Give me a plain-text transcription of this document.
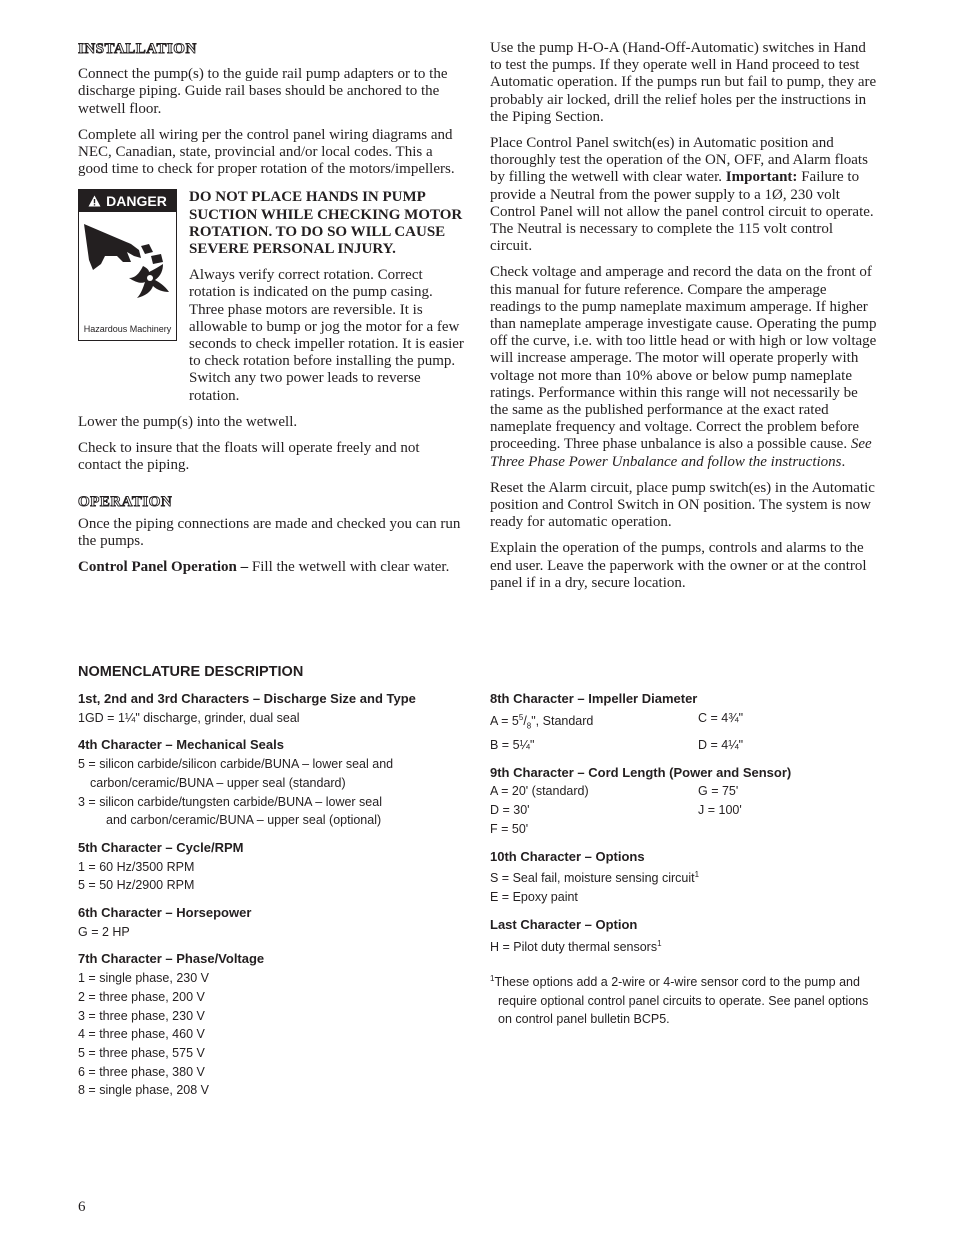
INSTALLATION

Connect the pump(s) to the guide rail pump adapters or to the discharge piping. Guide rail bases should be anchored to the wetwell floor.

Complete all wiring per the control panel wiring diagrams and NEC, Canadian, state, provincial and/or local codes. This a good time to check for proper rotation of the motors/impellers.

DANGER
Hazardous Machinery

DO NOT PLACE HANDS IN PUMP SUCTION WHILE CHECKING MOTOR ROTATION. TO DO SO WILL CAUSE SEVERE PERSONAL INJURY.

Always verify correct rotation. Correct rotation is indicated on the pump casing. Three phase motors are reversible. It is allowable to bump or jog the motor for a few seconds to check impeller rotation. It is easier to check rotation before installing the pump. Switch any two power leads to reverse rotation.

Lower the pump(s) into the wetwell.

Check to insure that the floats will operate freely and not contact the piping.

OPERATION

Once the piping connections are made and checked you can run the pumps.

Control Panel Operation – Fill the wetwell with clear water.

Use the pump H-O-A (Hand-Off-Automatic) switches in Hand to test the pumps. If they operate well in Hand proceed to test Automatic operation. If the pumps run but fail to pump, they are probably air locked, drill the relief holes per the instructions in the Piping Section.

Place Control Panel switch(es) in Automatic position and thoroughly test the operation of the ON, OFF, and Alarm floats by filling the wetwell with clear water. Important: Failure to provide a Neutral from the power supply to a 1Ø, 230 volt Control Panel will not allow the panel control circuit to operate. The Neutral is necessary to complete the 115 volt control circuit.

Check voltage and amperage and record the data on the front of this manual for future reference. Compare the amperage readings to the pump nameplate maximum amperage. If higher than nameplate amperage investigate cause. Operating the pump off the curve, i.e. with too little head or with high or low voltage will increase amperage. The motor will operate properly with voltage not more than 10% above or below pump nameplate ratings. Performance within this range will not necessarily be the same as the published performance at the exact rated nameplate frequency and voltage. Correct the problem before proceeding. Three phase unbalance is also a possible cause. See Three Phase Power Unbalance and follow the instructions.

Reset the Alarm circuit, place pump switch(es) in the Automatic position and Control Switch in ON position. The system is now ready for automatic operation.

Explain the operation of the pumps, controls and alarms to the end user. Leave the paperwork with the owner or at the control panel if in a dry, secure location.

NOMENCLATURE DESCRIPTION
1st, 2nd and 3rd Characters – Discharge Size and Type
1GD = 1¼" discharge, grinder, dual seal
4th Character – Mechanical Seals
5 = silicon carbide/silicon carbide/BUNA – lower seal and
carbon/ceramic/BUNA – upper seal (standard)
3 = silicon carbide/tungsten carbide/BUNA – lower seal
and carbon/ceramic/BUNA – upper seal (optional)
5th Character – Cycle/RPM
1 = 60 Hz/3500 RPM
5 = 50 Hz/2900 RPM
6th Character – Horsepower
G = 2 HP
7th Character – Phase/Voltage
1 = single phase, 230 V
2 = three phase, 200 V
3 = three phase, 230 V
4 = three phase, 460 V
5 = three phase, 575 V
6 = three phase, 380 V
8 = single phase, 208 V
8th Character – Impeller Diameter
$A = 5^5/_8$", Standard	C = 4¾"
B = 5¼"	D = 4¼"
9th Character – Cord Length (Power and Sensor)
A = 20' (standard)	G = 75'
D = 30'	J = 100'
F = 50'
10th Character – Options
S = Seal fail, moisture sensing circuit$^1$
E = Epoxy paint
Last Character – Option
H = Pilot duty thermal sensors$^1$
$^1$These options add a 2-wire or 4-wire sensor cord to the pump and require optional control panel circuits to operate. See panel options on control panel bulletin BCP5.
6
